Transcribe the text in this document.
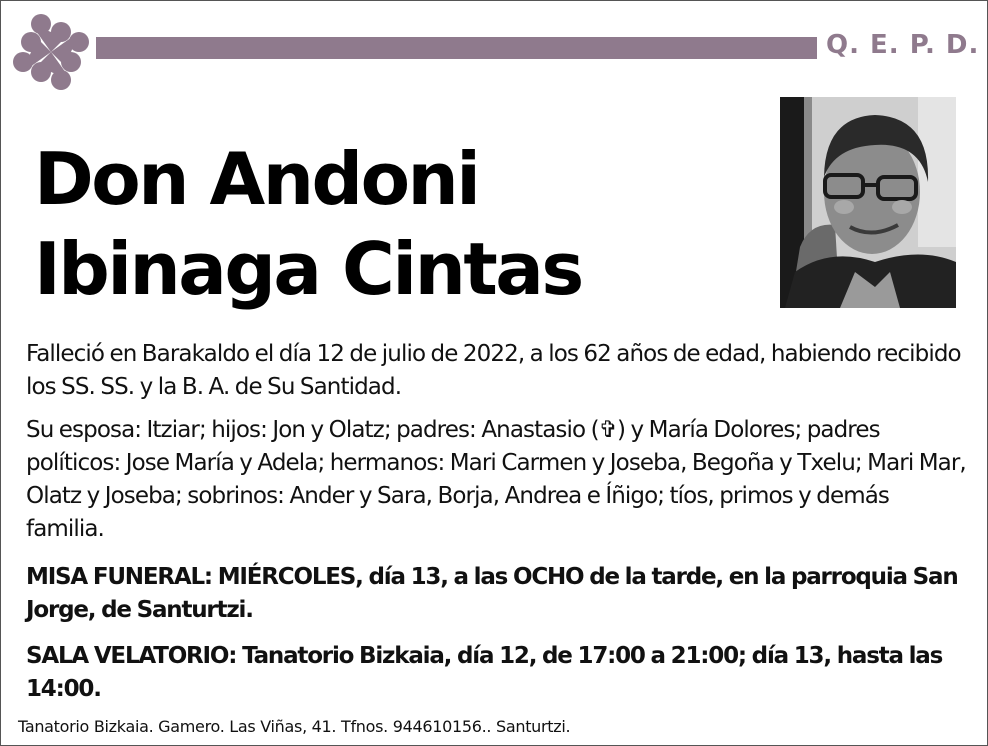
Q. E. P. D.
Don Andoni
Ibinaga Cintas
Falleció en Barakaldo el día 12 de julio de 2022, a los 62 años de edad, habiendo recibido los SS. SS. y la B. A. de Su Santidad.
Su esposa: Itziar; hijos: Jon y Olatz; padres: Anastasio (✞) y María Dolores; padres políticos: Jose María y Adela; hermanos: Mari Carmen y Joseba, Begoña y Txelu; Mari Mar, Olatz y Joseba; sobrinos: Ander y Sara, Borja, Andrea e Íñigo; tíos, primos y demás familia.
MISA FUNERAL: MIÉRCOLES, día 13, a las OCHO de la tarde, en la parroquia San Jorge, de Santurtzi.
SALA VELATORIO: Tanatorio Bizkaia, día 12, de 17:00 a 21:00; día 13, hasta las 14:00.
Tanatorio Bizkaia. Gamero. Las Viñas, 41. Tfnos. 944610156.. Santurtzi.
